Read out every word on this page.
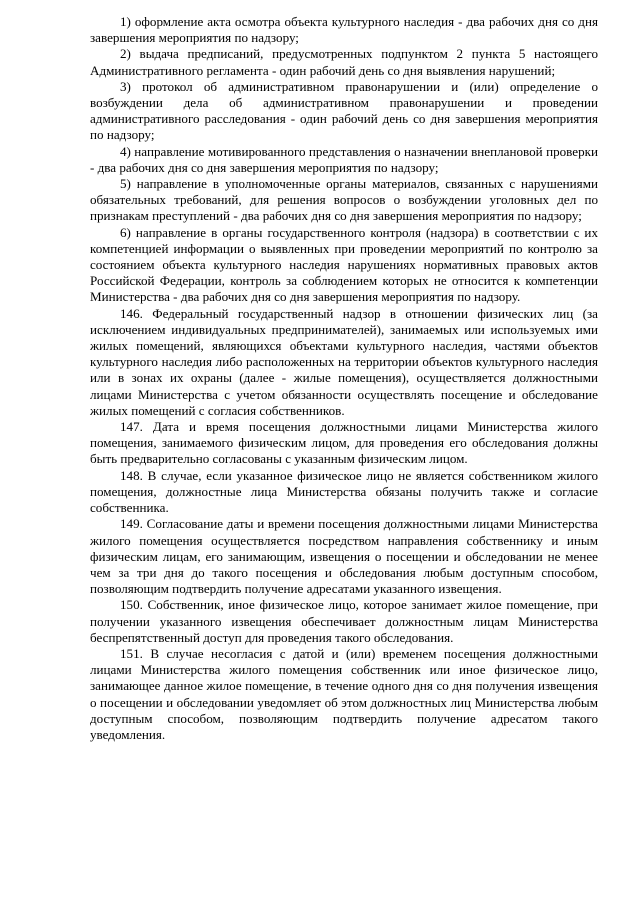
1) оформление акта осмотра объекта культурного наследия - два рабочих дня со дня завершения мероприятия по надзору;

2) выдача предписаний, предусмотренных подпунктом 2 пункта 5 настоящего Административного регламента - один рабочий день со дня выявления нарушений;

3) протокол об административном правонарушении и (или) определение о возбуждении дела об административном правонарушении и проведении административного расследования - один рабочий день со дня завершения мероприятия по надзору;

4) направление мотивированного представления о назначении внеплановой проверки - два рабочих дня со дня завершения мероприятия по надзору;

5) направление в уполномоченные органы материалов, связанных с нарушениями обязательных требований, для решения вопросов о возбуждении уголовных дел по признакам преступлений - два рабочих дня со дня завершения мероприятия по надзору;

6) направление в органы государственного контроля (надзора) в соответствии с их компетенцией информации о выявленных при проведении мероприятий по контролю за состоянием объекта культурного наследия нарушениях нормативных правовых актов Российской Федерации, контроль за соблюдением которых не относится к компетенции Министерства - два рабочих дня со дня завершения мероприятия по надзору.

146. Федеральный государственный надзор в отношении физических лиц (за исключением индивидуальных предпринимателей), занимаемых или используемых ими жилых помещений, являющихся объектами культурного наследия, частями объектов культурного наследия либо расположенных на территории объектов культурного наследия или в зонах их охраны (далее - жилые помещения), осуществляется должностными лицами Министерства с учетом обязанности осуществлять посещение и обследование жилых помещений с согласия собственников.

147. Дата и время посещения должностными лицами Министерства жилого помещения, занимаемого физическим лицом, для проведения его обследования должны быть предварительно согласованы с указанным физическим лицом.

148. В случае, если указанное физическое лицо не является собственником жилого помещения, должностные лица Министерства обязаны получить также и согласие собственника.

149. Согласование даты и времени посещения должностными лицами Министерства жилого помещения осуществляется посредством направления собственнику и иным физическим лицам, его занимающим, извещения о посещении и обследовании не менее чем за три дня до такого посещения и обследования любым доступным способом, позволяющим подтвердить получение адресатами указанного извещения.

150. Собственник, иное физическое лицо, которое занимает жилое помещение, при получении указанного извещения обеспечивает должностным лицам Министерства беспрепятственный доступ для проведения такого обследования.

151. В случае несогласия с датой и (или) временем посещения должностными лицами Министерства жилого помещения собственник или иное физическое лицо, занимающее данное жилое помещение, в течение одного дня со дня получения извещения о посещении и обследовании уведомляет об этом должностных лиц Министерства любым доступным способом, позволяющим подтвердить получение адресатом такого уведомления.
